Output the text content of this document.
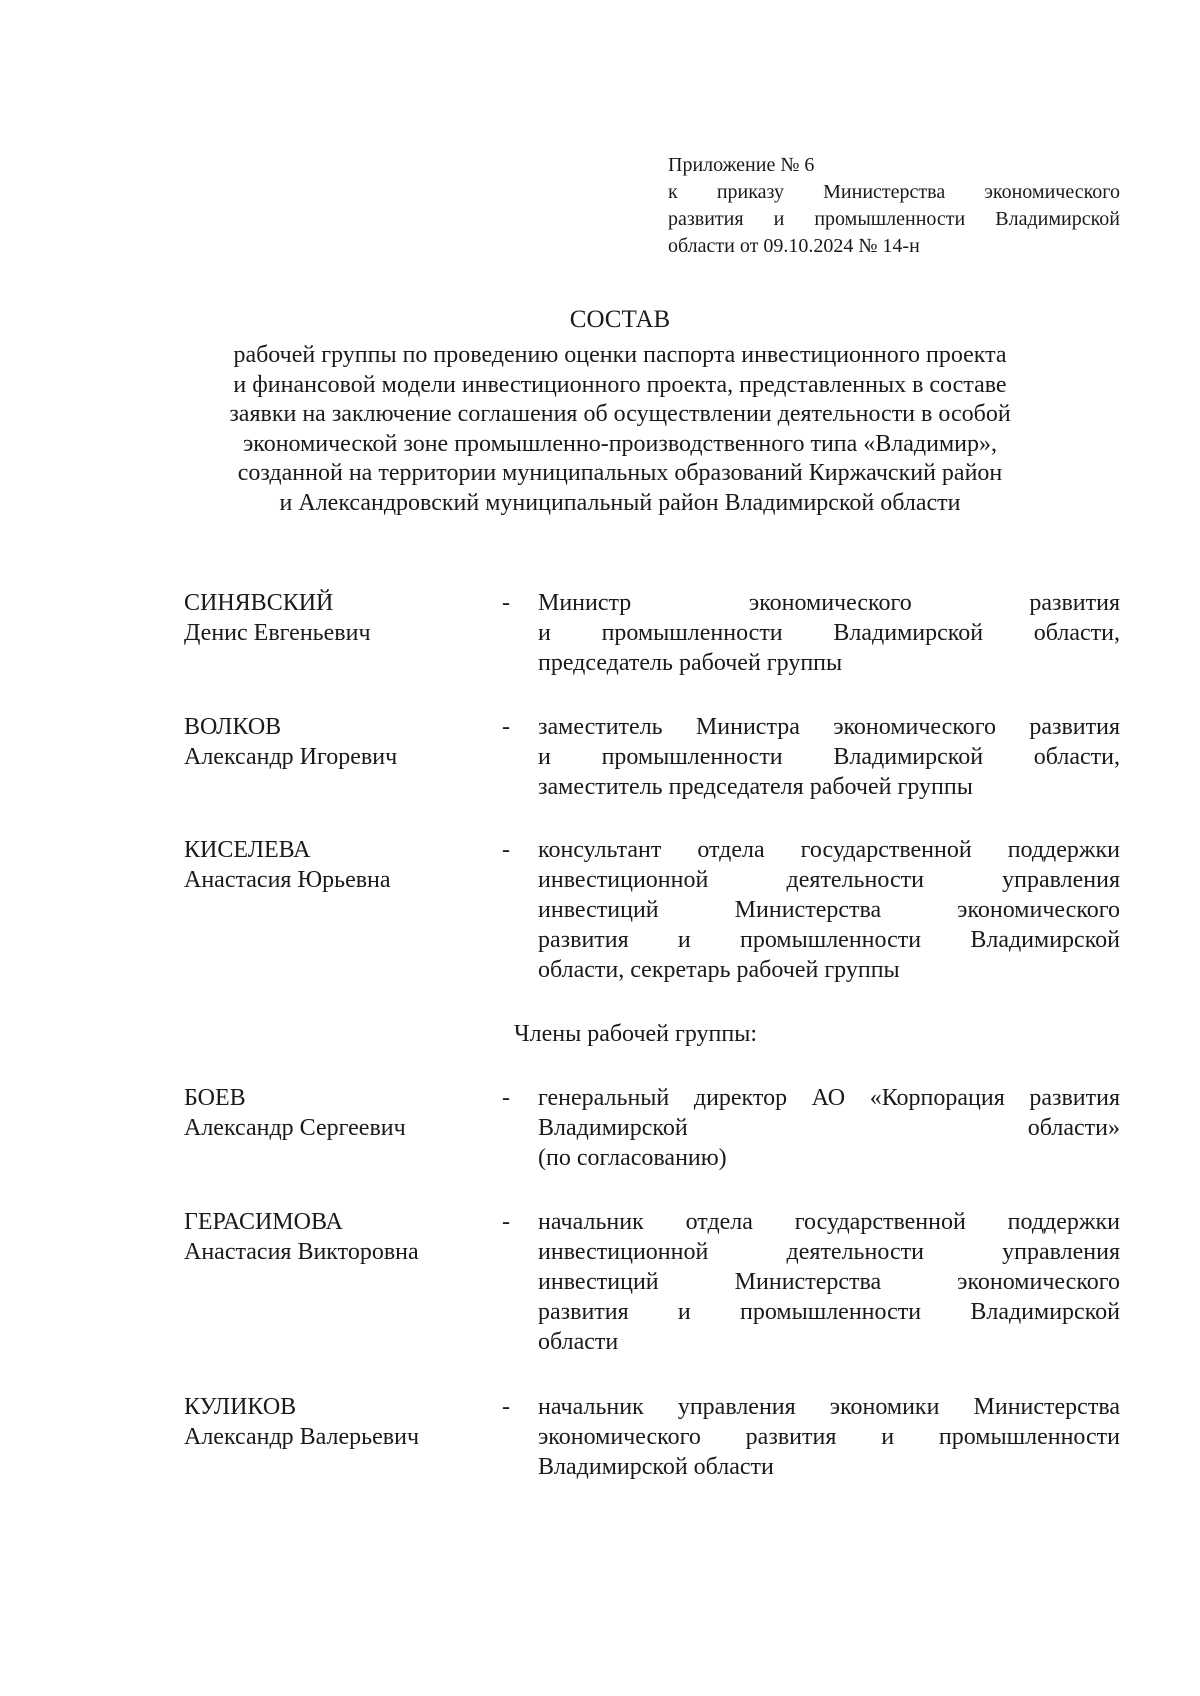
Приложение № 6
к приказу Министерства экономического
развития и промышленности Владимирской
области от 09.10.2024 № 14-н
СОСТАВ
рабочей группы по проведению оценки паспорта инвестиционного проекта
и финансовой модели инвестиционного проекта, представленных в составе
заявки на заключение соглашения об осуществлении деятельности в особой
экономической зоне промышленно-производственного типа «Владимир»,
созданной на территории муниципальных образований Киржачский район
и Александровский муниципальный район Владимирской области
СИНЯВСКИЙ
Денис Евгеньевич
- Министр экономического развития
и промышленности Владимирской области,
председатель рабочей группы
ВОЛКОВ
Александр Игоревич
- заместитель Министра экономического развития
и промышленности Владимирской области,
заместитель председателя рабочей группы
КИСЕЛЕВА
Анастасия Юрьевна
- консультант отдела государственной поддержки
инвестиционной деятельности управления
инвестиций Министерства экономического
развития и промышленности Владимирской
области, секретарь рабочей группы
Члены рабочей группы:
БОЕВ
Александр Сергеевич
- генеральный директор АО «Корпорация развития
Владимирской области»
(по согласованию)
ГЕРАСИМОВА
Анастасия Викторовна
- начальник отдела государственной поддержки
инвестиционной деятельности управления
инвестиций Министерства экономического
развития и промышленности Владимирской
области
КУЛИКОВ
Александр Валерьевич
- начальник управления экономики Министерства
экономического развития и промышленности
Владимирской области
